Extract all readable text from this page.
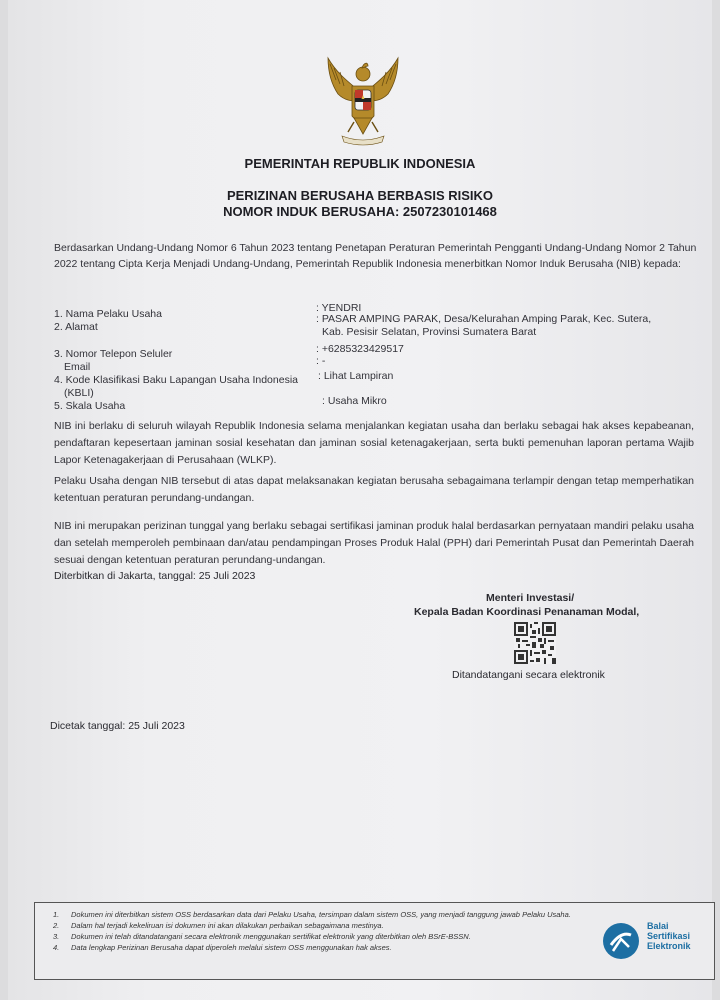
PEMERINTAH REPUBLIK INDONESIA
PERIZINAN BERUSAHA BERBASIS RISIKO
NOMOR INDUK BERUSAHA: 2507230101468
Berdasarkan Undang-Undang Nomor 6 Tahun 2023 tentang Penetapan Peraturan Pemerintah Pengganti Undang-Undang Nomor 2 Tahun 2022 tentang Cipta Kerja Menjadi Undang-Undang, Pemerintah Republik Indonesia menerbitkan Nomor Induk Berusaha (NIB) kepada:
1. Nama Pelaku Usaha	: YENDRI
2. Alamat
: PASAR AMPING PARAK, Desa/Kelurahan Amping Parak, Kec. Sutera,
Kab. Pesisir Selatan, Provinsi Sumatera Barat
3. Nomor Telepon Seluler	: +6285323429517
Email	: -
4. Kode Klasifikasi Baku Lapangan Usaha Indonesia : Lihat Lampiran
(KBLI)
5. Skala Usaha	: Usaha Mikro
NIB ini berlaku di seluruh wilayah Republik Indonesia selama menjalankan kegiatan usaha dan berlaku sebagai hak akses kepabeanan, pendaftaran kepesertaan jaminan sosial kesehatan dan jaminan sosial ketenagakerjaan, serta bukti pemenuhan laporan pertama Wajib Lapor Ketenagakerjaan di Perusahaan (WLKP).
Pelaku Usaha dengan NIB tersebut di atas dapat melaksanakan kegiatan berusaha sebagaimana terlampir dengan tetap memperhatikan ketentuan peraturan perundang-undangan.
NIB ini merupakan perizinan tunggal yang berlaku sebagai sertifikasi jaminan produk halal berdasarkan pernyataan mandiri pelaku usaha dan setelah memperoleh pembinaan dan/atau pendampingan Proses Produk Halal (PPH) dari Pemerintah Pusat dan Pemerintah Daerah sesuai dengan ketentuan peraturan perundang-undangan.
Diterbitkan di Jakarta, tanggal: 25 Juli 2023
Menteri Investasi/
Kepala Badan Koordinasi Penanaman Modal,
Ditandatangani secara elektronik
Dicetak tanggal: 25 Juli 2023
1. Dokumen ini diterbitkan sistem OSS berdasarkan data dari Pelaku Usaha, tersimpan dalam sistem OSS, yang menjadi tanggung jawab Pelaku Usaha.
2. Dalam hal terjadi kekeliruan isi dokumen ini akan dilakukan perbaikan sebagaimana mestinya.
3. Dokumen ini telah ditandatangani secara elektronik menggunakan sertifikat elektronik yang diterbitkan oleh BSrE-BSSN.
4. Data lengkap Perizinan Berusaha dapat diperoleh melalui sistem OSS menggunakan hak akses.
Balai
Sertifikasi
Elektronik
